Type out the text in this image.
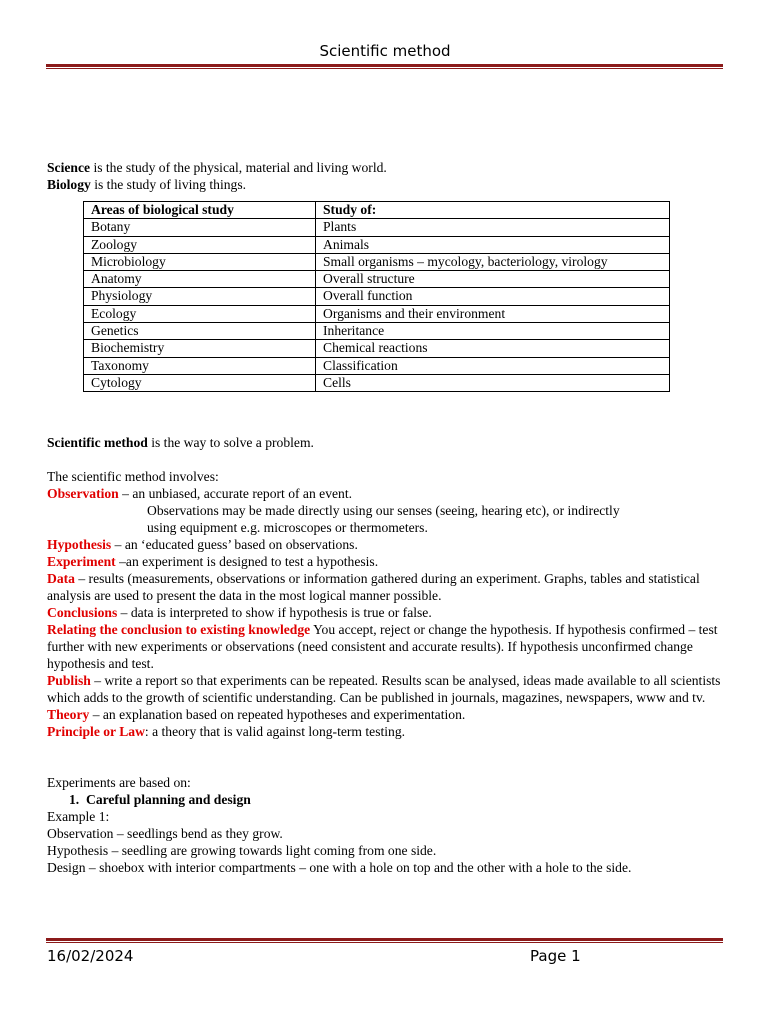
Scientific method
Science is the study of the physical, material and living world.
Biology is the study of living things.
Areas of biological study	Study of:
Botany	Plants
Zoology	Animals
Microbiology	Small organisms – mycology, bacteriology, virology
Anatomy	Overall structure
Physiology	Overall function
Ecology	Organisms and their environment
Genetics	Inheritance
Biochemistry	Chemical reactions
Taxonomy	Classification
Cytology	Cells
Scientific method is the way to solve a problem.
The scientific method involves:
Observation – an unbiased, accurate report of an event.
Observations may be made directly using our senses (seeing, hearing etc), or indirectly
using equipment e.g. microscopes or thermometers.
Hypothesis – an ‘educated guess’ based on observations.
Experiment –an experiment is designed to test a hypothesis.
Data – results (measurements, observations or information gathered during an experiment. Graphs, tables and statistical analysis are used to present the data in the most logical manner possible.
Conclusions – data is interpreted to show if hypothesis is true or false.
Relating the conclusion to existing knowledge You accept, reject or change the hypothesis. If hypothesis confirmed – test further with new experiments or observations (need consistent and accurate results). If hypothesis unconfirmed change hypothesis and test.
Publish – write a report so that experiments can be repeated. Results scan be analysed, ideas made available to all scientists which adds to the growth of scientific understanding. Can be published in journals, magazines, newspapers, www and tv.
Theory – an explanation based on repeated hypotheses and experimentation.
Principle or Law: a theory that is valid against long-term testing.
Experiments are based on:
1. Careful planning and design
Example 1:
Observation – seedlings bend as they grow.
Hypothesis – seedling are growing towards light coming from one side.
Design – shoebox with interior compartments – one with a hole on top and the other with a hole to the side.
16/02/2024	Page 1
